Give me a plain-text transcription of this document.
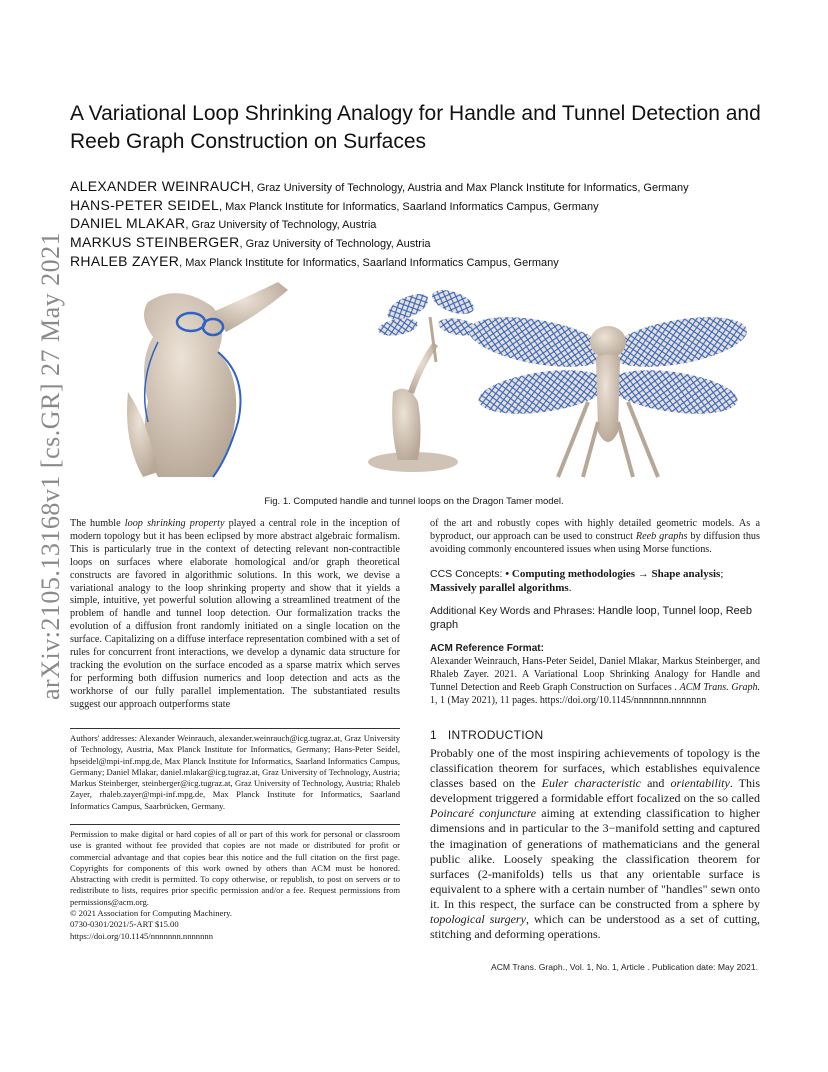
arXiv:2105.13168v1 [cs.GR] 27 May 2021
A Variational Loop Shrinking Analogy for Handle and Tunnel Detection and Reeb Graph Construction on Surfaces
ALEXANDER WEINRAUCH, Graz University of Technology, Austria and Max Planck Institute for Informatics, Germany
HANS-PETER SEIDEL, Max Planck Institute for Informatics, Saarland Informatics Campus, Germany
DANIEL MLAKAR, Graz University of Technology, Austria
MARKUS STEINBERGER, Graz University of Technology, Austria
RHALEB ZAYER, Max Planck Institute for Informatics, Saarland Informatics Campus, Germany
Fig. 1. Computed handle and tunnel loops on the Dragon Tamer model.

The humble loop shrinking property played a central role in the inception of modern topology but it has been eclipsed by more abstract algebraic formalism. This is particularly true in the context of detecting relevant non-contractible loops on surfaces where elaborate homological and/or graph theoretical constructs are favored in algorithmic solutions. In this work, we devise a variational analogy to the loop shrinking property and show that it yields a simple, intuitive, yet powerful solution allowing a streamlined treatment of the problem of handle and tunnel loop detection. Our formalization tracks the evolution of a diffusion front randomly initiated on a single location on the surface. Capitalizing on a diffuse interface representation combined with a set of rules for concurrent front interactions, we develop a dynamic data structure for tracking the evolution on the surface encoded as a sparse matrix which serves for performing both diffusion numerics and loop detection and acts as the workhorse of our fully parallel implementation. The substantiated results suggest our approach outperforms state

of the art and robustly copes with highly detailed geometric models. As a byproduct, our approach can be used to construct Reeb graphs by diffusion thus avoiding commonly encountered issues when using Morse functions.

CCS Concepts: • Computing methodologies → Shape analysis; Massively parallel algorithms.
Additional Key Words and Phrases: Handle loop, Tunnel loop, Reeb graph
ACM Reference Format:
Alexander Weinrauch, Hans-Peter Seidel, Daniel Mlakar, Markus Steinberger, and Rhaleb Zayer. 2021. A Variational Loop Shrinking Analogy for Handle and Tunnel Detection and Reeb Graph Construction on Surfaces . ACM Trans. Graph. 1, 1 (May 2021), 11 pages. https://doi.org/10.1145/nnnnnnn.nnnnnnn
1 INTRODUCTION
Probably one of the most inspiring achievements of topology is the classification theorem for surfaces, which establishes equivalence classes based on the Euler characteristic and orientability. This development triggered a formidable effort focalized on the so called Poincaré conjuncture aiming at extending classification to higher dimensions and in particular to the 3−manifold setting and captured the imagination of generations of mathematicians and the general public alike. Loosely speaking the classification theorem for surfaces (2-manifolds) tells us that any orientable surface is equivalent to a sphere with a certain number of "handles" sewn onto it. In this respect, the surface can be constructed from a sphere by topological surgery, which can be understood as a set of cutting, stitching and deforming operations.
Authors' addresses: Alexander Weinrauch, alexander.weinrauch@icg.tugraz.at, Graz University of Technology, Austria, Max Planck Institute for Informatics, Germany; Hans-Peter Seidel, hpseidel@mpi-inf.mpg.de, Max Planck Institute for Informatics, Saarland Informatics Campus, Germany; Daniel Mlakar, daniel.mlakar@icg.tugraz.at, Graz University of Technology, Austria; Markus Steinberger, steinberger@icg.tugraz.at, Graz University of Technology, Austria; Rhaleb Zayer, rhaleb.zayer@mpi-inf.mpg.de, Max Planck Institute for Informatics, Saarland Informatics Campus, Saarbrücken, Germany.
Permission to make digital or hard copies of all or part of this work for personal or classroom use is granted without fee provided that copies are not made or distributed for profit or commercial advantage and that copies bear this notice and the full citation on the first page. Copyrights for components of this work owned by others than ACM must be honored. Abstracting with credit is permitted. To copy otherwise, or republish, to post on servers or to redistribute to lists, requires prior specific permission and/or a fee. Request permissions from permissions@acm.org.
© 2021 Association for Computing Machinery.
0730-0301/2021/5-ART $15.00
https://doi.org/10.1145/nnnnnnn.nnnnnnn
ACM Trans. Graph., Vol. 1, No. 1, Article . Publication date: May 2021.
